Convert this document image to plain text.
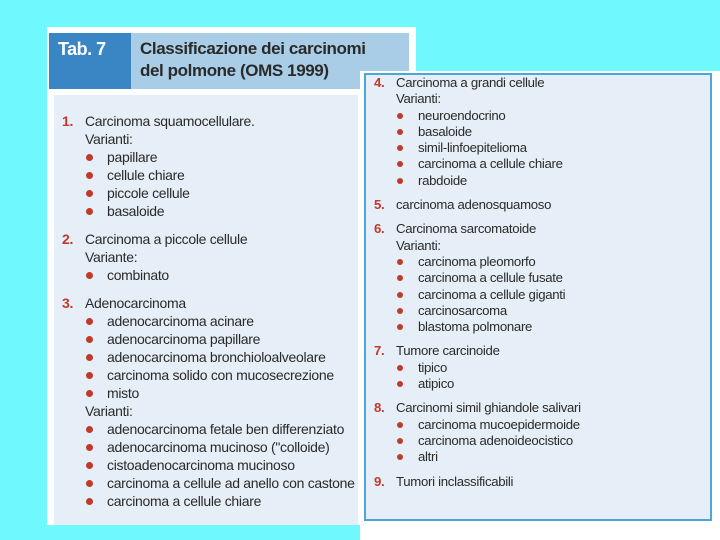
Tab. 7	Classificazione dei carcinomi
del polmone (OMS 1999)
1. Carcinoma squamocellulare.
Varianti:
papillare
cellule chiare
piccole cellule
basaloide
2. Carcinoma a piccole cellule
Variante:
combinato
3. Adenocarcinoma
adenocarcinoma acinare
adenocarcinoma papillare
adenocarcinoma bronchioloalveolare
carcinoma solido con mucosecrezione
misto
Varianti:
adenocarcinoma fetale ben differenziato
adenocarcinoma mucinoso ("colloide)
cistoadenocarcinoma mucinoso
carcinoma a cellule ad anello con castone
carcinoma a cellule chiare
4. Carcinoma a grandi cellule
Varianti:
neuroendocrino
basaloide
simil-linfoepitelioma
carcinoma a cellule chiare
rabdoide
5. carcinoma adenosquamoso
6. Carcinoma sarcomatoide
Varianti:
carcinoma pleomorfo
carcinoma a cellule fusate
carcinoma a cellule giganti
carcinosarcoma
blastoma polmonare
7. Tumore carcinoide
tipico
atipico
8. Carcinomi simil ghiandole salivari
carcinoma mucoepidermoide
carcinoma adenoideocistico
altri
9. Tumori inclassificabili
